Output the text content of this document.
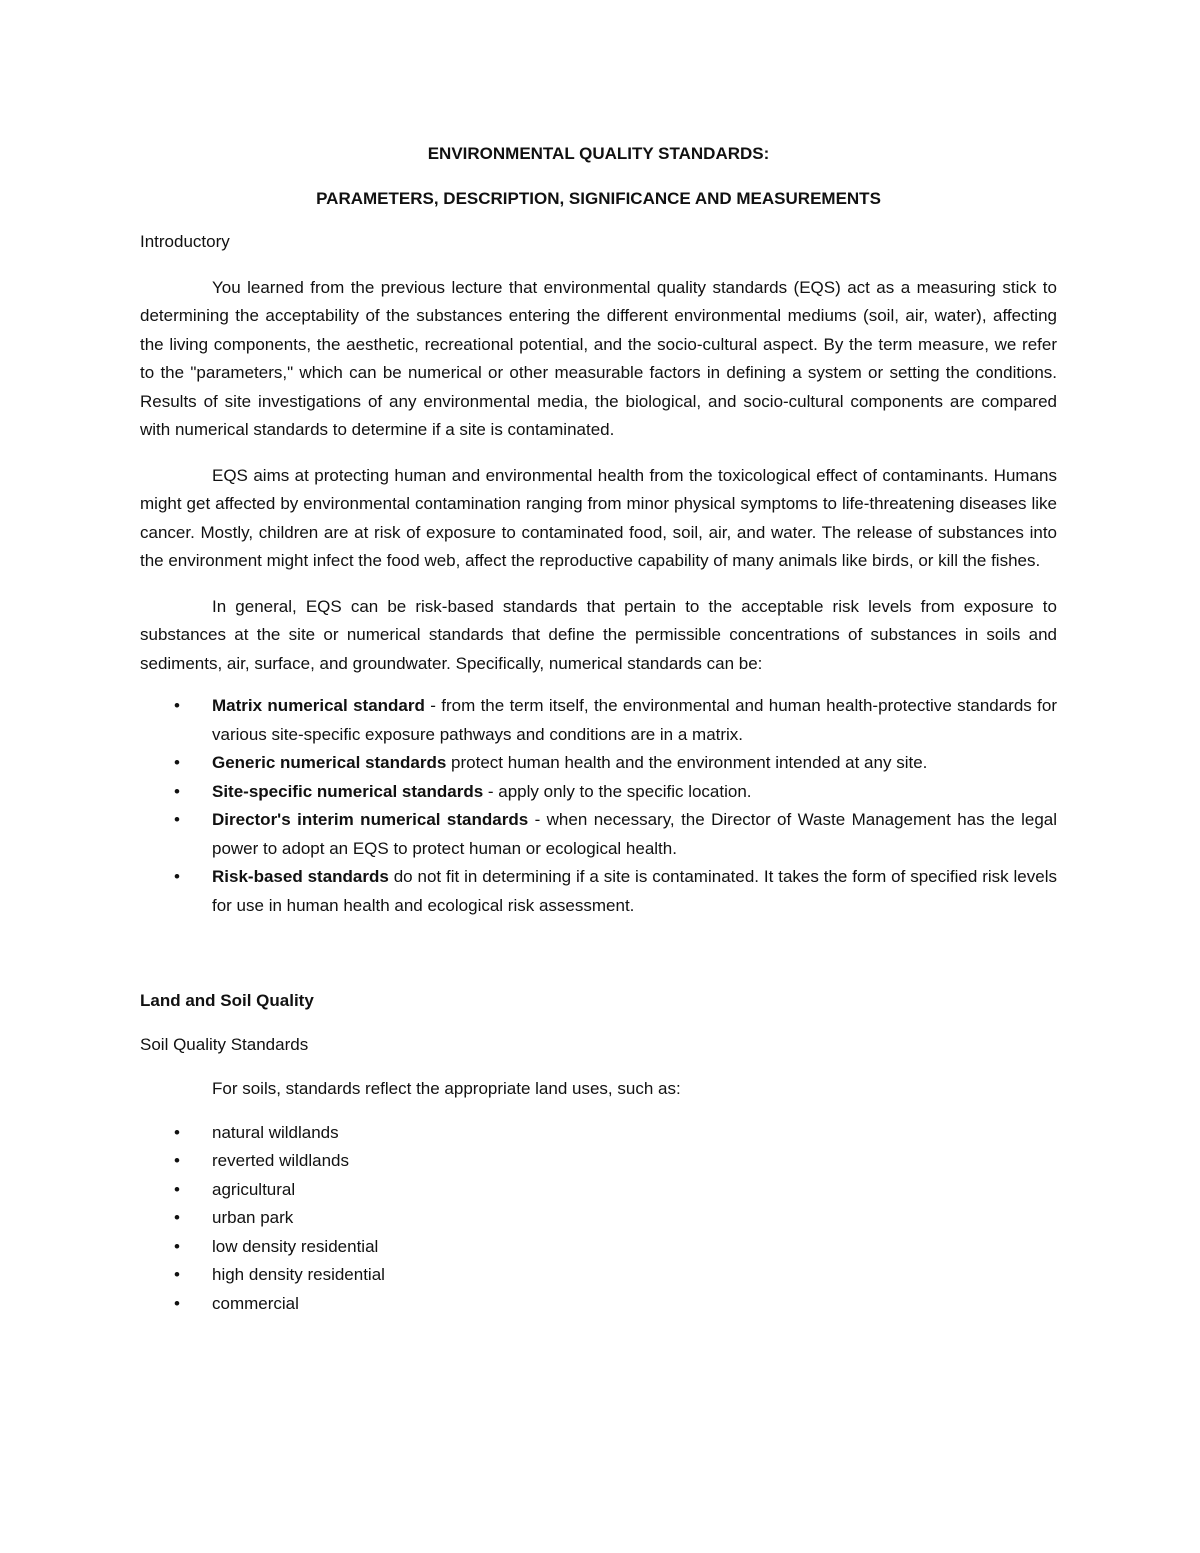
ENVIRONMENTAL QUALITY STANDARDS:
PARAMETERS, DESCRIPTION, SIGNIFICANCE AND MEASUREMENTS
Introductory

You learned from the previous lecture that environmental quality standards (EQS) act as a measuring stick to determining the acceptability of the substances entering the different environmental mediums (soil, air, water), affecting the living components, the aesthetic, recreational potential, and the socio-cultural aspect. By the term measure, we refer to the "parameters," which can be numerical or other measurable factors in defining a system or setting the conditions. Results of site investigations of any environmental media, the biological, and socio-cultural components are compared with numerical standards to determine if a site is contaminated.

EQS aims at protecting human and environmental health from the toxicological effect of contaminants. Humans might get affected by environmental contamination ranging from minor physical symptoms to life-threatening diseases like cancer. Mostly, children are at risk of exposure to contaminated food, soil, air, and water. The release of substances into the environment might infect the food web, affect the reproductive capability of many animals like birds, or kill the fishes.

In general, EQS can be risk-based standards that pertain to the acceptable risk levels from exposure to substances at the site or numerical standards that define the permissible concentrations of substances in soils and sediments, air, surface, and groundwater. Specifically, numerical standards can be:

• Matrix numerical standard - from the term itself, the environmental and human health-protective standards for various site-specific exposure pathways and conditions are in a matrix.
• Generic numerical standards protect human health and the environment intended at any site.
• Site-specific numerical standards - apply only to the specific location.
• Director's interim numerical standards - when necessary, the Director of Waste Management has the legal power to adopt an EQS to protect human or ecological health.
• Risk-based standards do not fit in determining if a site is contaminated. It takes the form of specified risk levels for use in human health and ecological risk assessment.
Land and Soil Quality
Soil Quality Standards

For soils, standards reflect the appropriate land uses, such as:

• natural wildlands
• reverted wildlands
• agricultural
• urban park
• low density residential
• high density residential
• commercial
